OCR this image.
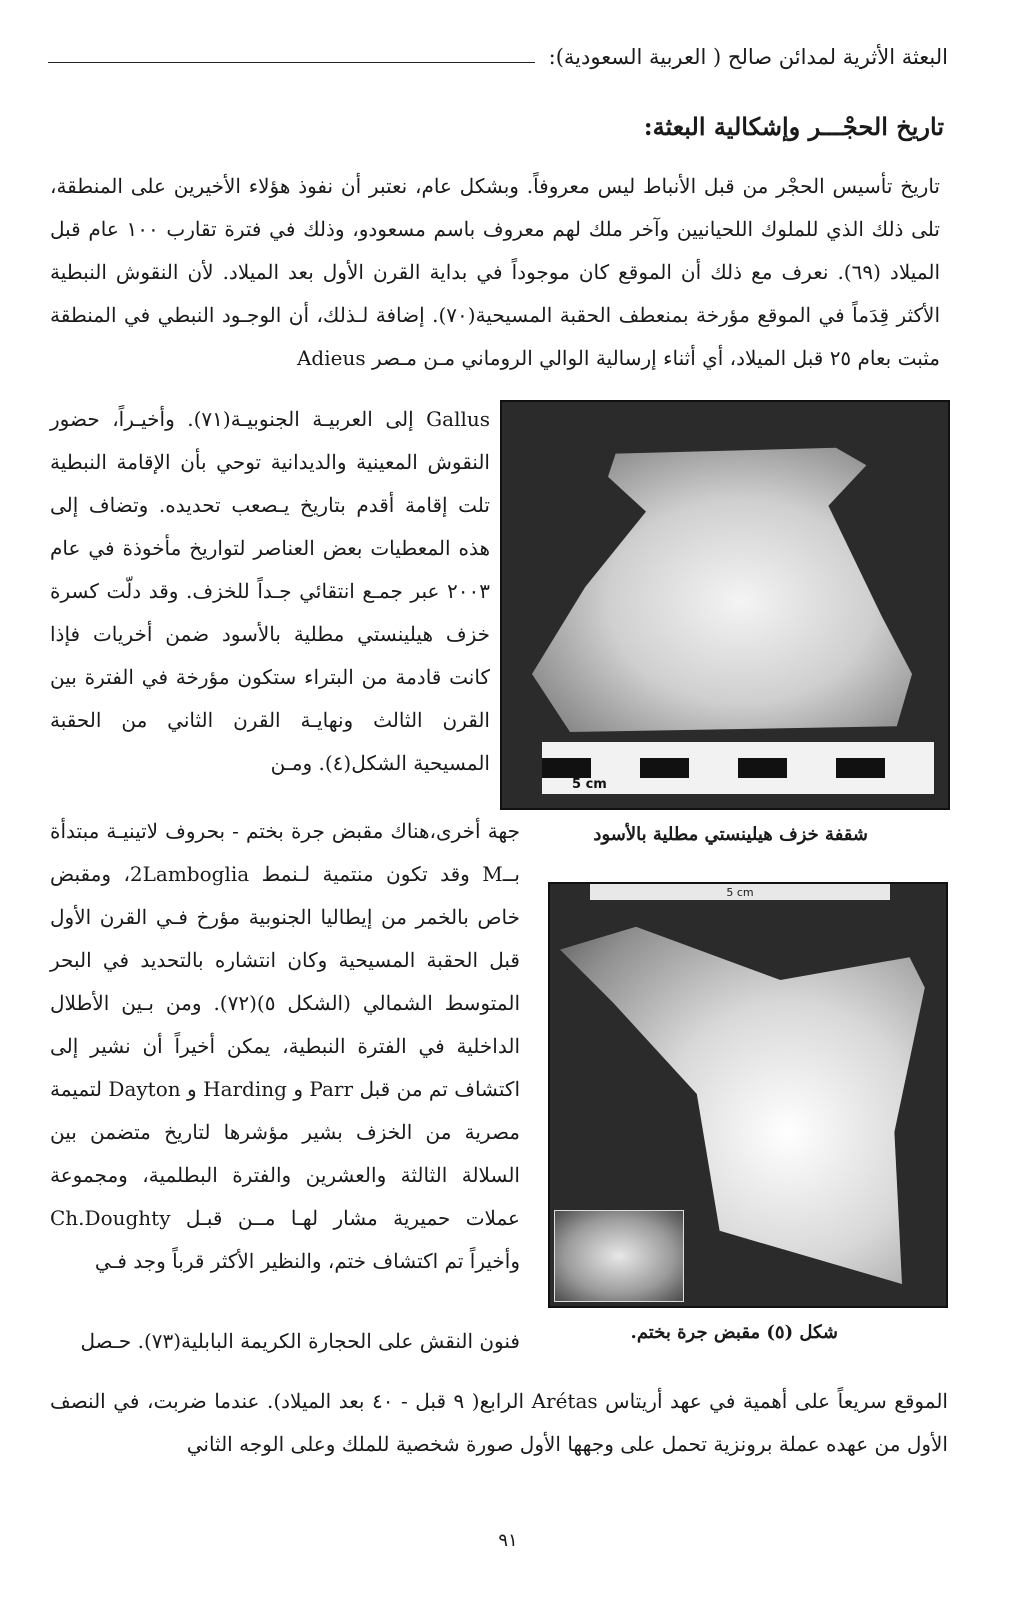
البعثة الأثرية لمدائن صالح ( العربية السعودية):
تاريخ الحجْـــر وإشكالية البعثة:

تاريخ تأسيس الحجْر من قبل الأنباط ليس معروفاً. وبشكل عام، نعتبر أن نفوذ هؤلاء الأخيرين على المنطقة، تلى ذلك الذي للملوك اللحيانيين وآخر ملك لهم معروف باسم مسعودو، وذلك في فترة تقارب ١٠٠ عام قبل الميلاد (٦٩). نعرف مع ذلك أن الموقع كان موجوداً في بداية القرن الأول بعد الميلاد. لأن النقوش النبطية الأكثر قِدَماً في الموقع مؤرخة بمنعطف الحقبة المسيحية(٧٠). إضافة لـذلك، أن الوجـود النبطي في المنطقة مثبت بعام ٢٥ قبل الميلاد، أي أثناء إرسالية الوالي الروماني مـن مـصر Adieus

5 cm

Gallus إلى العربيـة الجنوبيـة(٧١). وأخيـراً، حضور النقوش المعينية والديدانية توحي بأن الإقامة النبطية تلت إقامة أقدم بتاريخ يـصعب تحديده. وتضاف إلى هذه المعطيات بعض العناصر لتواريخ مأخوذة في عام ٢٠٠٣ عبر جمـع انتقائي جـداً للخزف. وقد دلّت كسرة خزف هيلينستي مطلية بالأسود ضمن أخريات فإذا كانت قادمة من البتراء ستكون مؤرخة في الفترة بين القرن الثالث ونهايـة القرن الثاني من الحقبة المسيحية الشكل(٤). ومـن

شقفة خزف هيلينستي مطلية بالأسود
5 cm

جهة أخرى،هناك مقبض جرة بختم - بحروف لاتينيـة مبتدأة بــM وقد تكون منتمية لـنمط 2Lamboglia، ومقبض خاص بالخمر من إيطاليا الجنوبية مؤرخ فـي القرن الأول قبل الحقبة المسيحية وكان انتشاره بالتحديد في البحر المتوسط الشمالي (الشكل ٥)(٧٢). ومن بـين الأطلال الداخلية في الفترة النبطية، يمكن أخيراً أن نشير إلى اكتشاف تم من قبل Parr و Harding و Dayton لتميمة مصرية من الخزف بشير مؤشرها لتاريخ متضمن بين السلالة الثالثة والعشرين والفترة البطلمية، ومجموعة عملات حميرية مشار لهـا مــن قبـل Ch.Doughty وأخيراً تم اكتشاف ختم، والنظير الأكثر قرباً وجد فـي

شكل (٥) مقبض جرة بختم.

فنون النقش على الحجارة الكريمة البابلية(٧٣). حـصل

الموقع سريعاً على أهمية في عهد أريتاس Arétas الرابع( ٩ قبل - ٤٠ بعد الميلاد). عندما ضربت، في النصف الأول من عهده عملة برونزية تحمل على وجهها الأول صورة شخصية للملك وعلى الوجه الثاني

٩١
